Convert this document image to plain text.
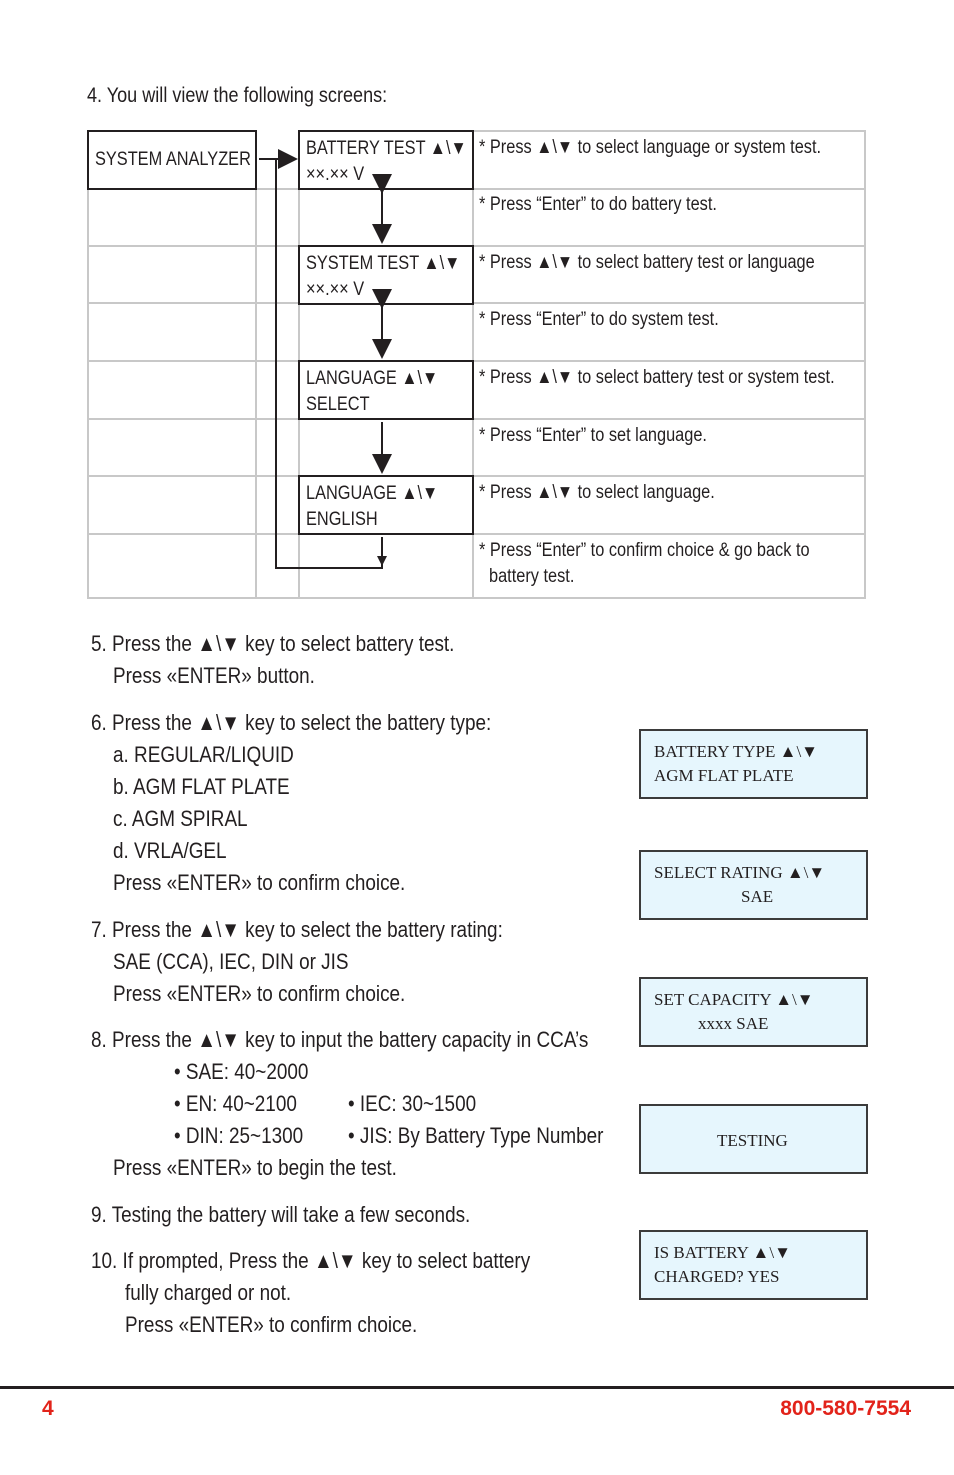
4. You will view the following screens:
SYSTEM ANALYZER
BATTERY TEST ▲\▼
××.×× V
SYSTEM TEST ▲\▼
××.×× V
LANGUAGE ▲\▼
SELECT
LANGUAGE ▲\▼
ENGLISH
* Press ▲\▼ to select language or system test.
* Press “Enter” to do battery test.
* Press ▲\▼ to select battery test or language
* Press “Enter” to do system test.
* Press ▲\▼ to select battery test or system test.
* Press “Enter” to set language.
* Press ▲\▼ to select language.
* Press “Enter” to confirm choice & go back to
battery test.
5. Press the ▲\▼ key to select battery test.
Press «ENTER» button.
6. Press the ▲\▼ key to select the battery type:
a. REGULAR/LIQUID
b. AGM FLAT PLATE
c. AGM SPIRAL
d. VRLA/GEL
Press «ENTER» to confirm choice.
7. Press the ▲\▼ key to select the battery rating:
SAE (CCA), IEC, DIN or JIS
Press «ENTER» to confirm choice.
8. Press the ▲\▼ key to input the battery capacity in CCA’s
• SAE: 40~2000
• EN: 40~2100 • IEC: 30~1500
• DIN: 25~1300 • JIS: By Battery Type Number
Press «ENTER» to begin the test.
9. Testing the battery will take a few seconds.
10. If prompted, Press the ▲\▼ key to select battery
fully charged or not.
Press «ENTER» to confirm choice.
BATTERY TYPE ▲\▼
AGM FLAT PLATE
SELECT RATING ▲\▼
SAE
SET CAPACITY ▲\▼
xxxx SAE
TESTING
IS BATTERY ▲\▼
CHARGED? YES
4	800-580-7554
